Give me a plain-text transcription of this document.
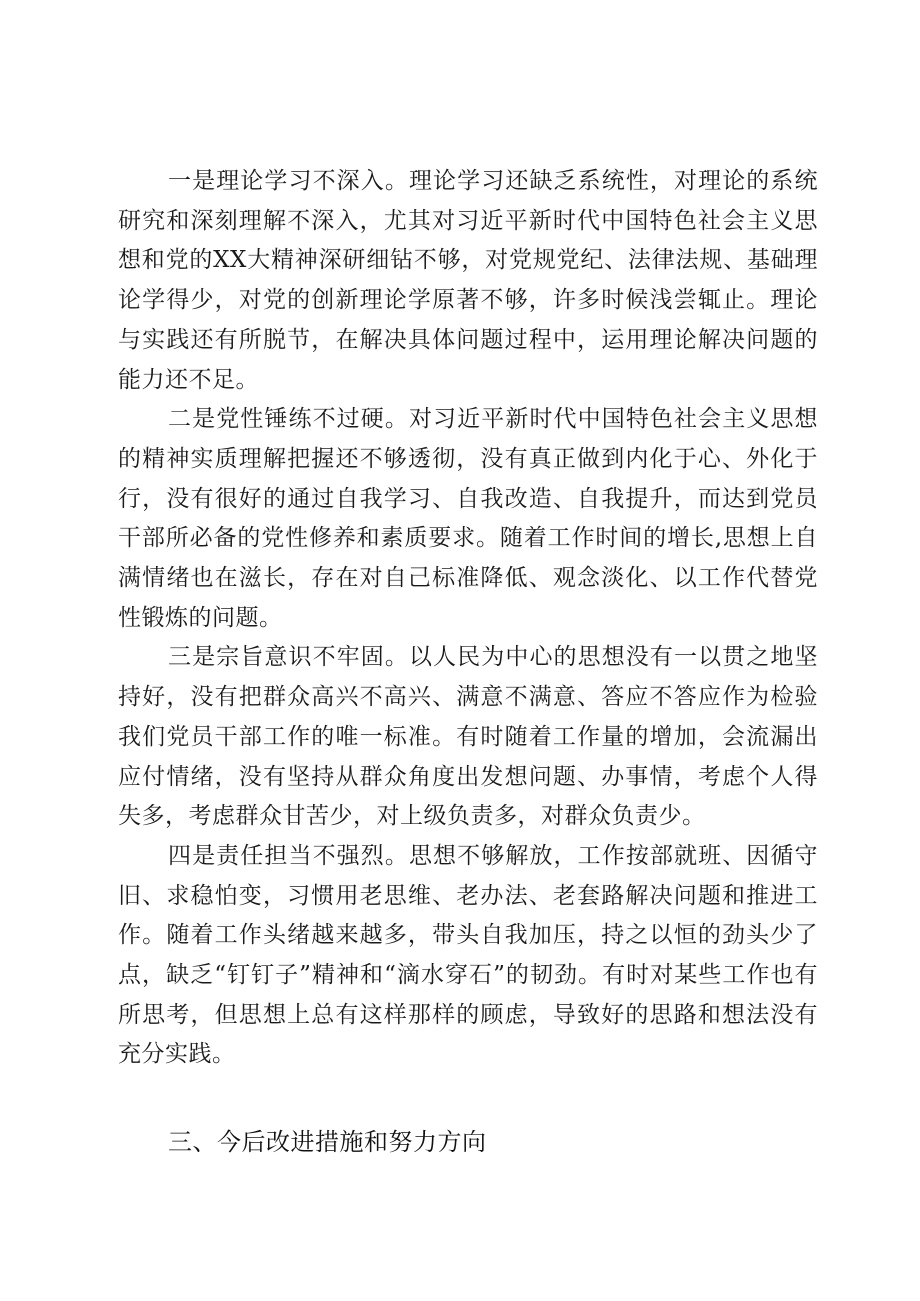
一是理论学习不深入。理论学习还缺乏系统性，对理论的系统研究和深刻理解不深入，尤其对习近平新时代中国特色社会主义思想和党的XX大精神深研细钻不够，对党规党纪、法律法规、基础理论学得少，对党的创新理论学原著不够，许多时候浅尝辄止。理论与实践还有所脱节，在解决具体问题过程中，运用理论解决问题的能力还不足。

二是党性锤练不过硬。对习近平新时代中国特色社会主义思想的精神实质理解把握还不够透彻，没有真正做到内化于心、外化于行，没有很好的通过自我学习、自我改造、自我提升，而达到党员干部所必备的党性修养和素质要求。随着工作时间的增长,思想上自满情绪也在滋长，存在对自己标准降低、观念淡化、以工作代替党性锻炼的问题。

三是宗旨意识不牢固。以人民为中心的思想没有一以贯之地坚持好，没有把群众高兴不高兴、满意不满意、答应不答应作为检验我们党员干部工作的唯一标准。有时随着工作量的增加，会流漏出应付情绪，没有坚持从群众角度出发想问题、办事情，考虑个人得失多，考虑群众甘苦少，对上级负责多，对群众负责少。

四是责任担当不强烈。思想不够解放，工作按部就班、因循守旧、求稳怕变，习惯用老思维、老办法、老套路解决问题和推进工作。随着工作头绪越来越多，带头自我加压，持之以恒的劲头少了点，缺乏“钉钉子”精神和“滴水穿石”的韧劲。有时对某些工作也有所思考，但思想上总有这样那样的顾虑，导致好的思路和想法没有充分实践。

三、今后改进措施和努力方向
